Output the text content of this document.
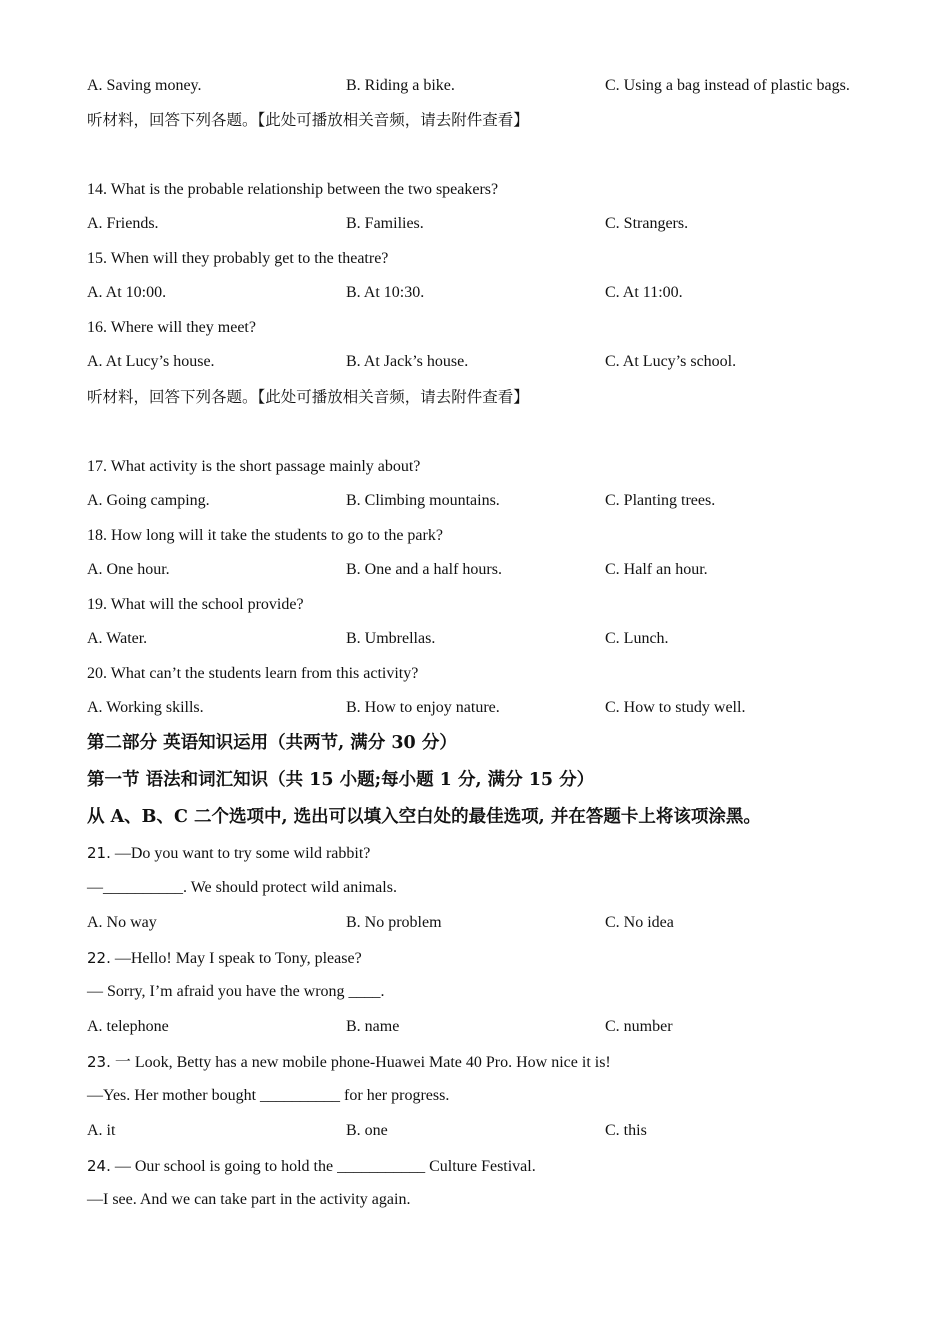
A. Saving money.	B. Riding a bike.	C. Using a bag instead of plastic bags.
听材料，回答下列各题。【此处可播放相关音频，请去附件查看】
14. What is the probable relationship between the two speakers?
A. Friends.	B. Families.	C. Strangers.
15. When will they probably get to the theatre?
A. At 10:00.	B. At 10:30.	C. At 11:00.
16. Where will they meet?
A. At Lucy’s house.	B. At Jack’s house.	C. At Lucy’s school.
听材料，回答下列各题。【此处可播放相关音频，请去附件查看】
17. What activity is the short passage mainly about?
A. Going camping.	B. Climbing mountains.	C. Planting trees.
18. How long will it take the students to go to the park?
A. One hour.	B. One and a half hours.	C. Half an hour.
19. What will the school provide?
A. Water.	B. Umbrellas.	C. Lunch.
20. What can’t the students learn from this activity?
A. Working skills.	B. How to enjoy nature.	C. How to study well.
第二部分 英语知识运用（共两节, 满分 30 分）
第一节 语法和词汇知识（共 15 小题;每小题 1 分, 满分 15 分）
从 A、B、C 二个选项中, 选出可以填入空白处的最佳选项, 并在答题卡上将该项涂黑。
21. —Do you want to try some wild rabbit?
—__________. We should protect wild animals.
A. No way	B. No problem	C. No idea
22. —Hello! May I speak to Tony, please?
— Sorry, I’m afraid you have the wrong ____.
A. telephone	B. name	C. number
23. 一 Look, Betty has a new mobile phone-Huawei Mate 40 Pro. How nice it is!
—Yes. Her mother bought __________ for her progress.
A. it	B. one	C. this
24. — Our school is going to hold the ___________ Culture Festival.
—I see. And we can take part in the activity again.
